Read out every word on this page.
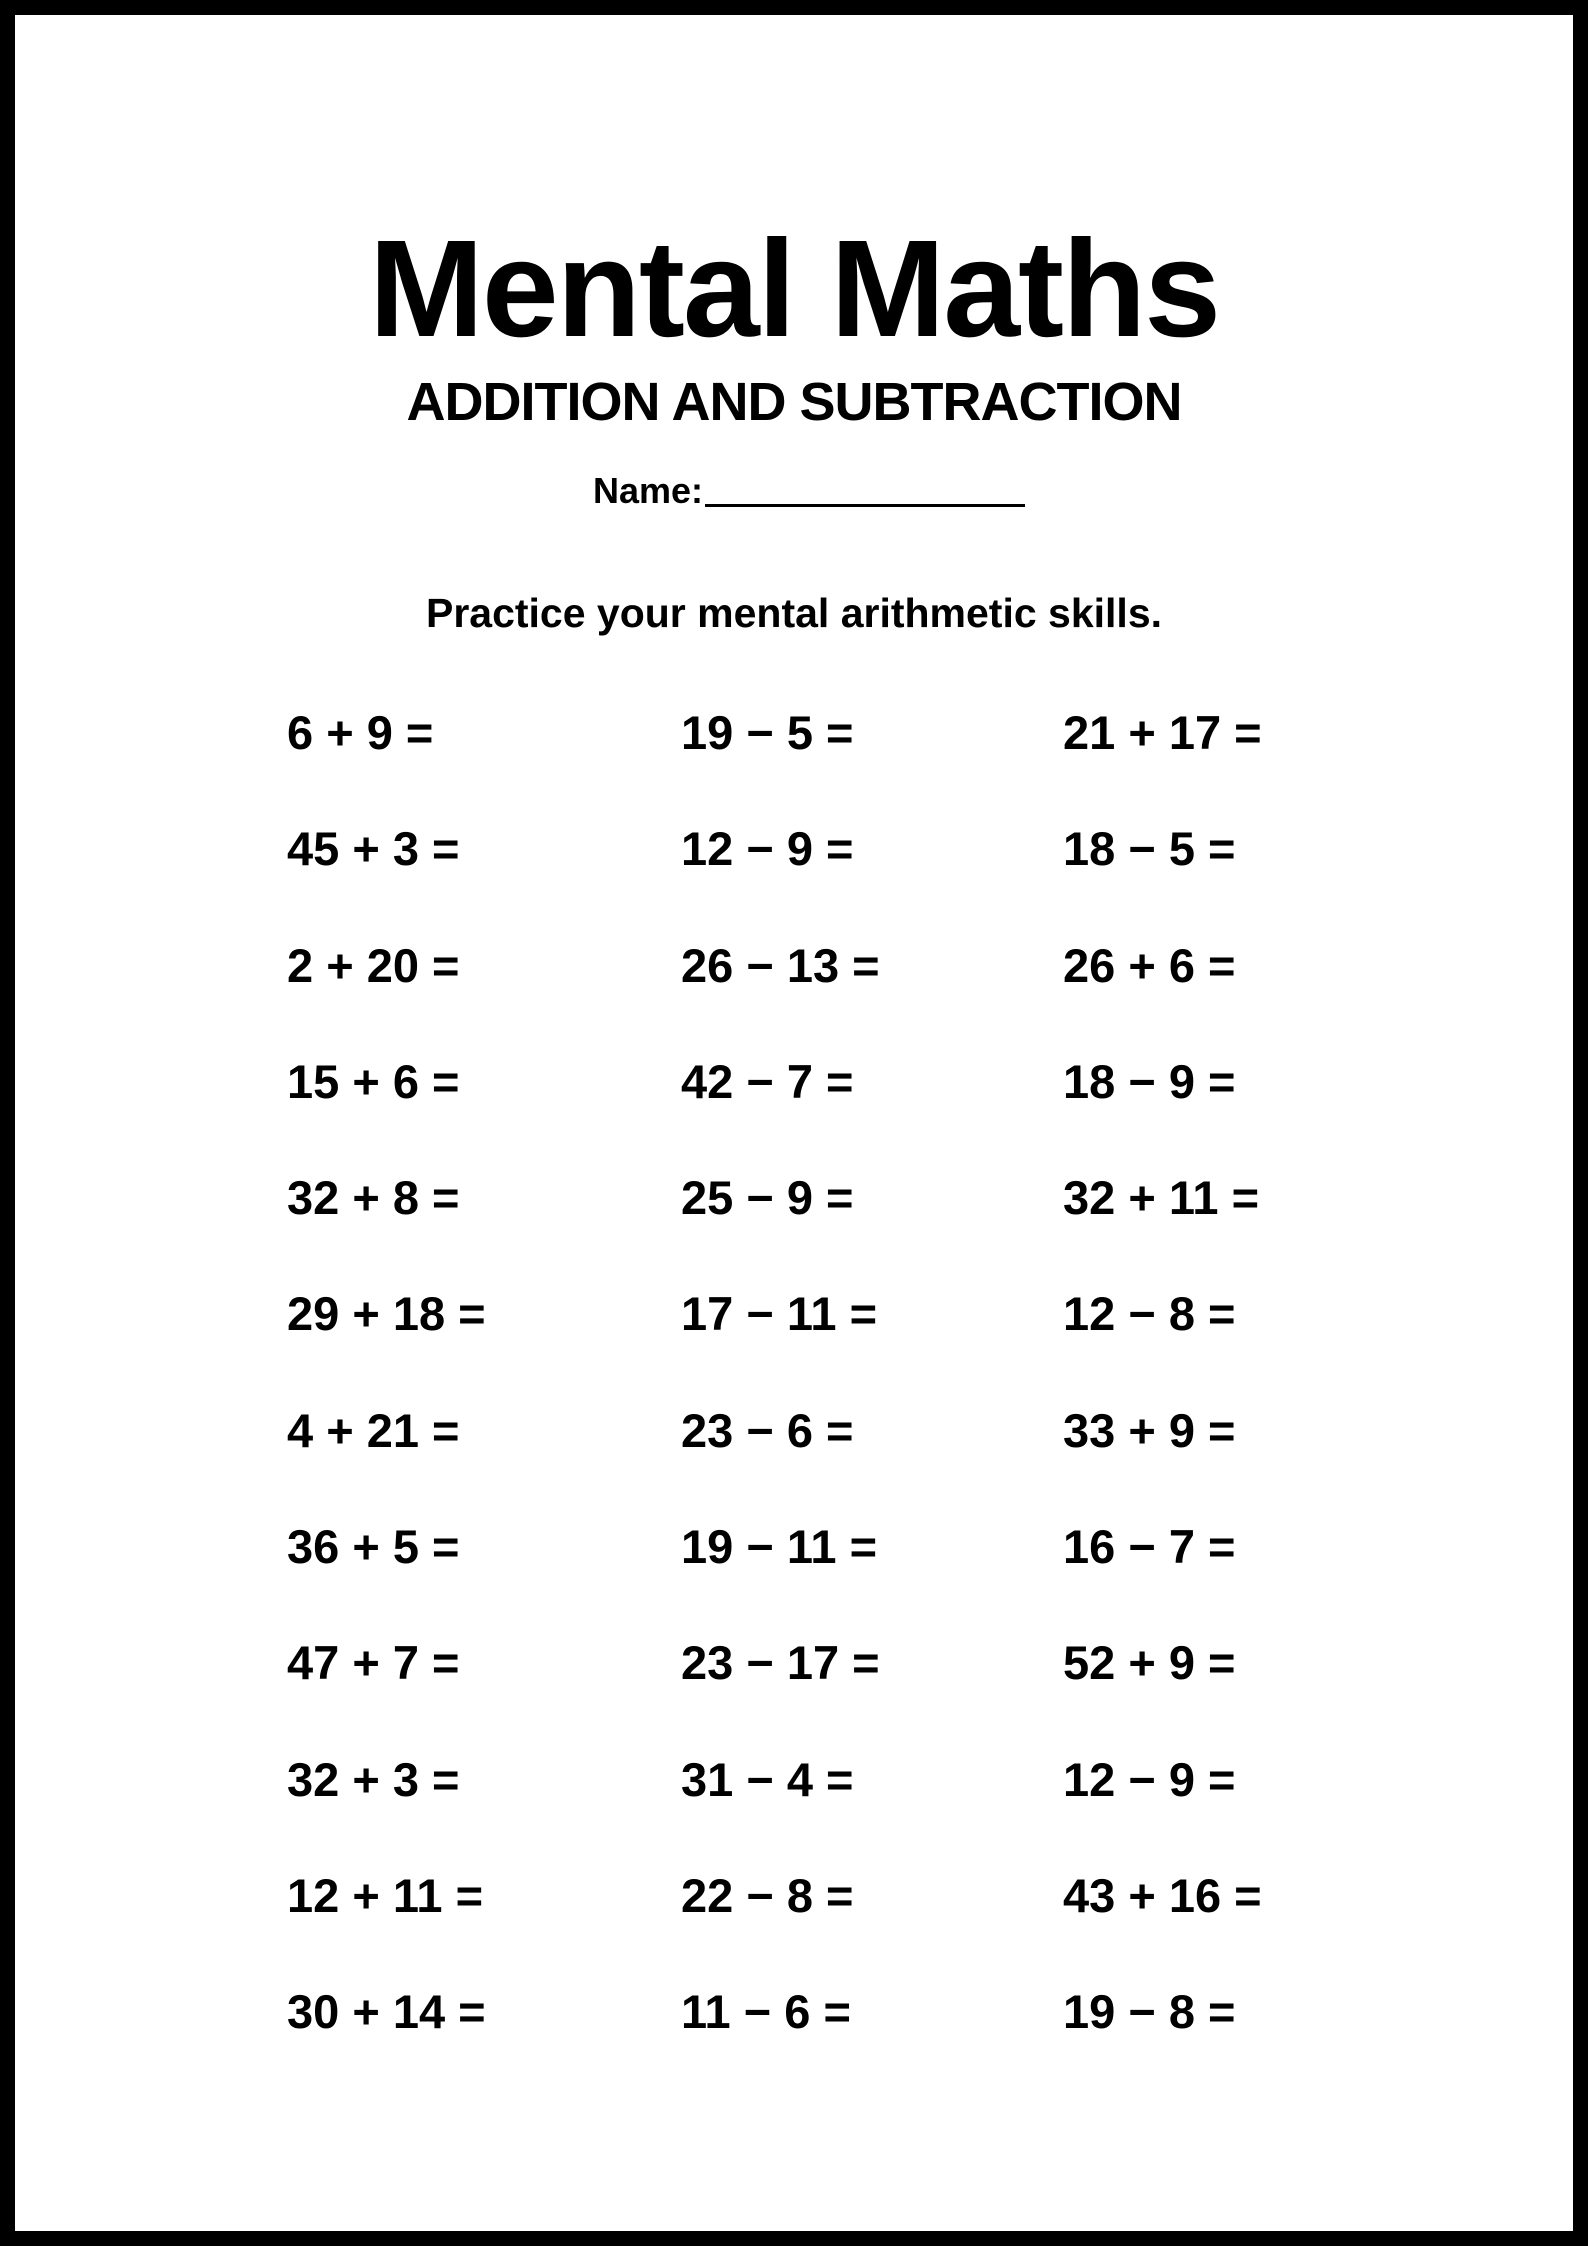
Mental Maths
ADDITION AND SUBTRACTION
Name:
Practice your mental arithmetic skills.
6 + 9 =	19 − 5 =	21 + 17 =
45 + 3 =	12 − 9 =	18 − 5 =
2 + 20 =	26 − 13 =	26 + 6 =
15 + 6 =	42 − 7 =	18 − 9 =
32 + 8 =	25 − 9 =	32 + 11 =
29 + 18 =	17 − 11 =	12 − 8 =
4 + 21 =	23 − 6 =	33 + 9 =
36 + 5 =	19 − 11 =	16 − 7 =
47 + 7 =	23 − 17 =	52 + 9 =
32 + 3 =	31 − 4 =	12 − 9 =
12 + 11 =	22 − 8 =	43 + 16 =
30 + 14 =	11 − 6 =	19 − 8 =
